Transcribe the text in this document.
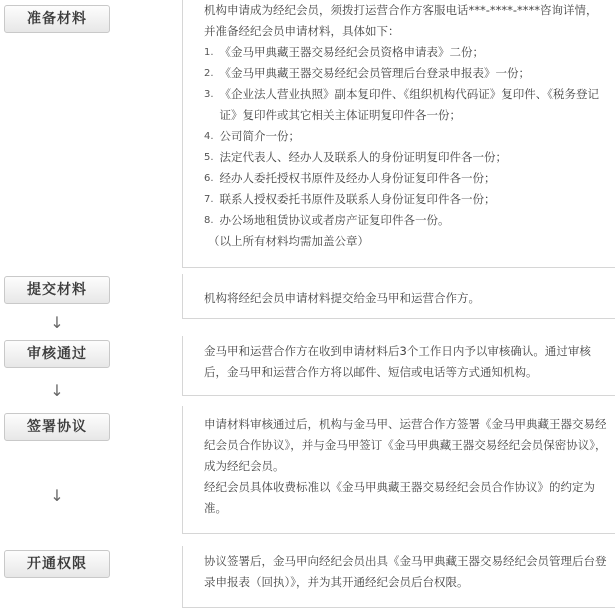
准备材料
提交材料
审核通过
签署协议
开通权限
↓
↓
↓

机构申请成为经纪会员，须拨打运营合作方客服电话***-****-****咨询详情，

并准备经纪会员申请材料，具体如下：

1. 《金马甲典藏王器交易经纪会员资格申请表》二份；
2. 《金马甲典藏王器交易经纪会员管理后台登录申报表》一份；
3. 《企业法人营业执照》副本复印件、《组织机构代码证》复印件、《税务登记证》复印件或其它相关主体证明复印件各一份；
4. 公司简介一份；
5. 法定代表人、经办人及联系人的身份证明复印件各一份；
6. 经办人委托授权书原件及经办人身份证复印件各一份；
7. 联系人授权委托书原件及联系人身份证复印件各一份；
8. 办公场地租赁协议或者房产证复印件各一份。

（以上所有材料均需加盖公章）

机构将经纪会员申请材料提交给金马甲和运营合作方。

金马甲和运营合作方在收到申请材料后3个工作日内予以审核确认。通过审核后，金马甲和运营合作方将以邮件、短信或电话等方式通知机构。

申请材料审核通过后，机构与金马甲、运营合作方签署《金马甲典藏王器交易经纪会员合作协议》，并与金马甲签订《金马甲典藏王器交易经纪会员保密协议》，成为经纪会员。

经纪会员具体收费标准以《金马甲典藏王器交易经纪会员合作协议》的约定为准。

协议签署后，金马甲向经纪会员出具《金马甲典藏王器交易经纪会员管理后台登录申报表（回执）》，并为其开通经纪会员后台权限。
